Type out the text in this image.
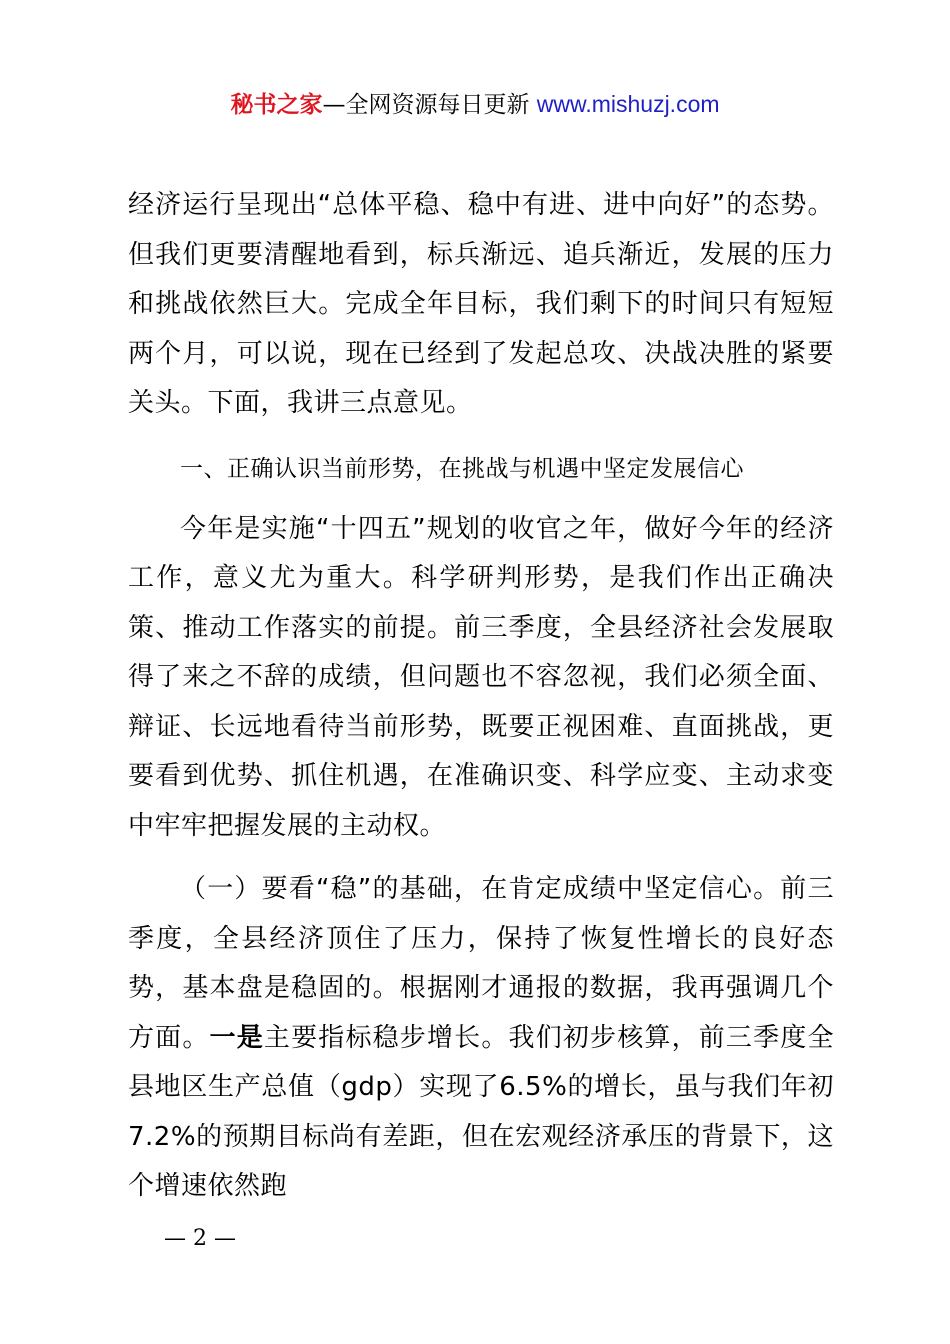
秘书之家—全网资源每日更新 www.mishuzj.com

经济运行呈现出“总体平稳、稳中有进、进中向好”的态势。但我们更要清醒地看到，标兵渐远、追兵渐近，发展的压力和挑战依然巨大。完成全年目标，我们剩下的时间只有短短两个月，可以说，现在已经到了发起总攻、决战决胜的紧要关头。下面，我讲三点意见。

一、正确认识当前形势，在挑战与机遇中坚定发展信心

今年是实施“十四五”规划的收官之年，做好今年的经济工作，意义尤为重大。科学研判形势，是我们作出正确决策、推动工作落实的前提。前三季度，全县经济社会发展取得了来之不辞的成绩，但问题也不容忽视，我们必须全面、辩证、长远地看待当前形势，既要正视困难、直面挑战，更要看到优势、抓住机遇，在准确识变、科学应变、主动求变中牢牢把握发展的主动权。

（一）要看“稳”的基础，在肯定成绩中坚定信心。前三季度，全县经济顶住了压力，保持了恢复性增长的良好态势，基本盘是稳固的。根据刚才通报的数据，我再强调几个方面。一是主要指标稳步增长。我们初步核算，前三季度全县地区生产总值（gdp）实现了6.5%的增长，虽与我们年初7.2%的预期目标尚有差距，但在宏观经济承压的背景下，这个增速依然跑

— 2 —
